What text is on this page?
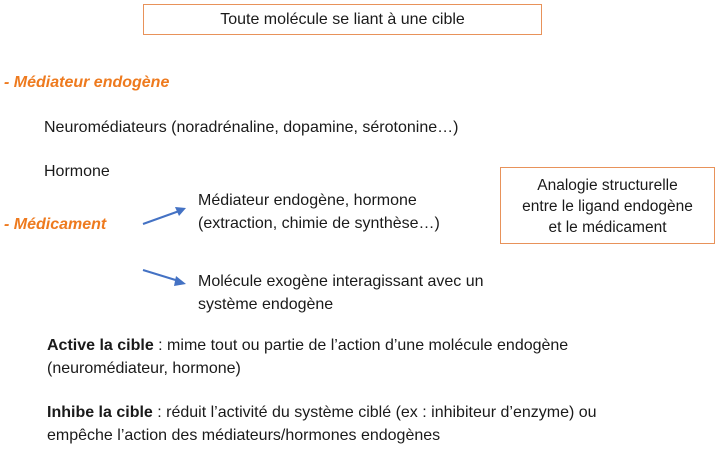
Toute molécule se liant à une cible
- Médiateur endogène
Neuromédiateurs (noradrénaline, dopamine, sérotonine…)
Hormone
- Médicament
Médiateur endogène, hormone
(extraction, chimie de synthèse…)
Molécule exogène interagissant avec un
système endogène
Analogie structurelle
entre le ligand endogène
et le médicament
Active la cible : mime tout ou partie de l’action d’une molécule endogène
(neuromédiateur, hormone)
Inhibe la cible : réduit l’activité du système ciblé (ex : inhibiteur d’enzyme) ou
empêche l’action des médiateurs/hormones endogènes
